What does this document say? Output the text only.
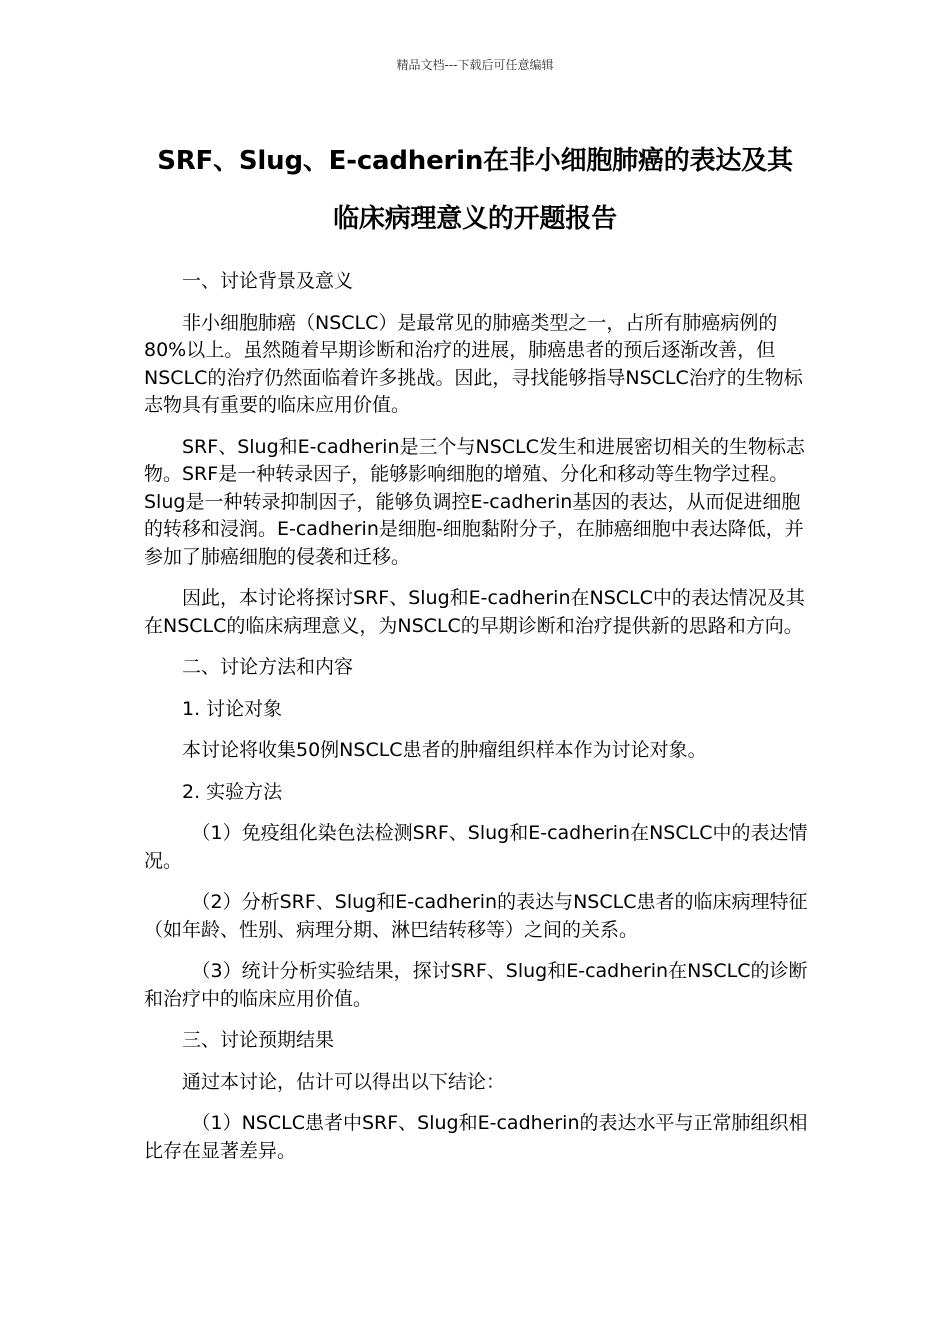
精品文档---下载后可任意编辑
SRF、Slug、E-cadherin在非小细胞肺癌的表达及其
临床病理意义的开题报告

一、讨论背景及意义

非小细胞肺癌（NSCLC）是最常见的肺癌类型之一，占所有肺癌病例的80%以上。虽然随着早期诊断和治疗的进展，肺癌患者的预后逐渐改善，但NSCLC的治疗仍然面临着许多挑战。因此，寻找能够指导NSCLC治疗的生物标志物具有重要的临床应用价值。

SRF、Slug和E-cadherin是三个与NSCLC发生和进展密切相关的生物标志物。SRF是一种转录因子，能够影响细胞的增殖、分化和移动等生物学过程。Slug是一种转录抑制因子，能够负调控E-cadherin基因的表达，从而促进细胞的转移和浸润。E-cadherin是细胞-细胞黏附分子，在肺癌细胞中表达降低，并参加了肺癌细胞的侵袭和迁移。

因此，本讨论将探讨SRF、Slug和E-cadherin在NSCLC中的表达情况及其在NSCLC的临床病理意义，为NSCLC的早期诊断和治疗提供新的思路和方向。

二、讨论方法和内容

1. 讨论对象

本讨论将收集50例NSCLC患者的肿瘤组织样本作为讨论对象。

2. 实验方法

（1）免疫组化染色法检测SRF、Slug和E-cadherin在NSCLC中的表达情况。

（2）分析SRF、Slug和E-cadherin的表达与NSCLC患者的临床病理特征（如年龄、性别、病理分期、淋巴结转移等）之间的关系。

（3）统计分析实验结果，探讨SRF、Slug和E-cadherin在NSCLC的诊断和治疗中的临床应用价值。

三、讨论预期结果

通过本讨论，估计可以得出以下结论：

（1）NSCLC患者中SRF、Slug和E-cadherin的表达水平与正常肺组织相比存在显著差异。
